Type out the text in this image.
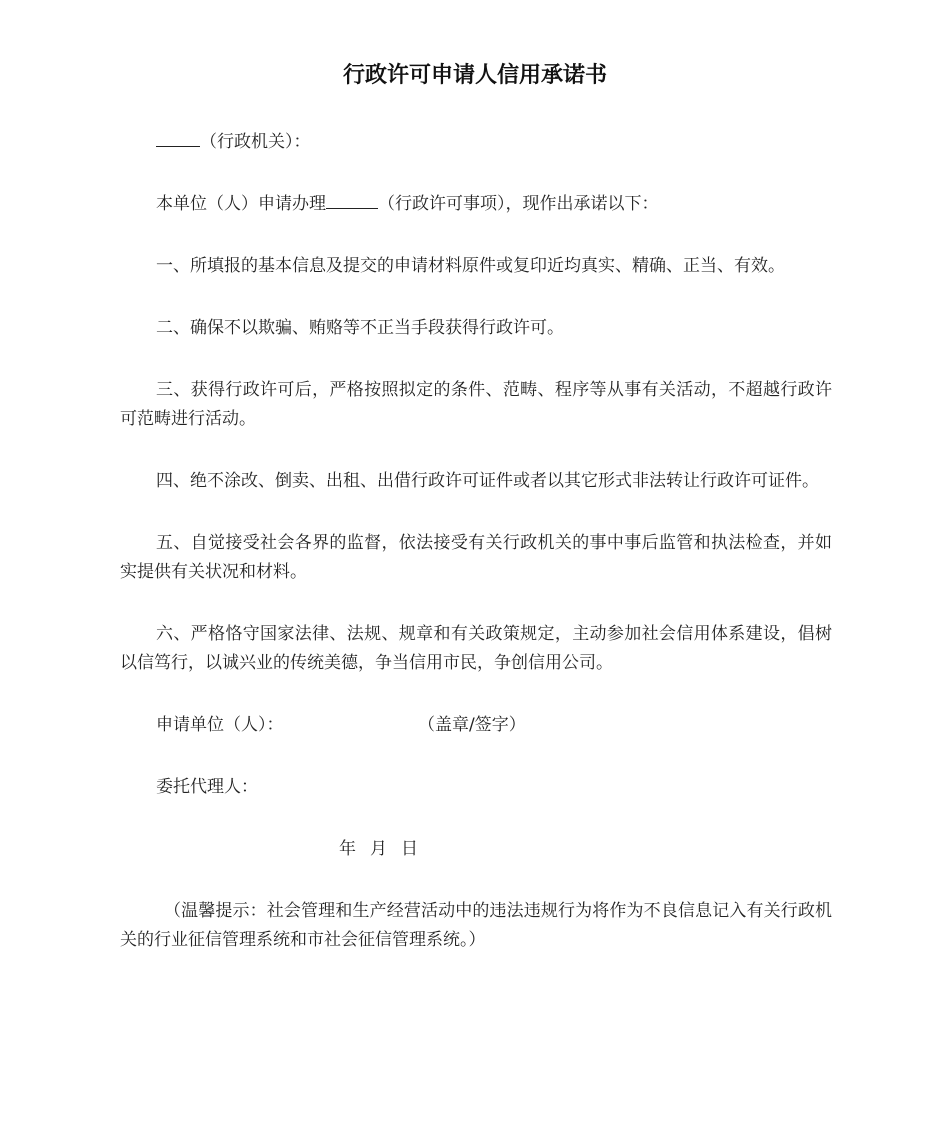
行政许可申请人信用承诺书

（行政机关）：

本单位（人）申请办理	（行政许可事项），现作出承诺以下：

一、所填报的基本信息及提交的申请材料原件或复印近均真实、精确、正当、有效。

二、确保不以欺骗、贿赂等不正当手段获得行政许可。

三、获得行政许可后，严格按照拟定的条件、范畴、程序等从事有关活动，不超越行政许可范畴进行活动。

四、绝不涂改、倒卖、出租、出借行政许可证件或者以其它形式非法转让行政许可证件。

五、自觉接受社会各界的监督，依法接受有关行政机关的事中事后监管和执法检查，并如实提供有关状况和材料。

六、严格恪守国家法律、法规、规章和有关政策规定，主动参加社会信用体系建设，倡树以信笃行，以诚兴业的传统美德，争当信用市民，争创信用公司。

申请单位（人）：	（盖章/签字）
委托代理人：
年 月 日

（温馨提示：社会管理和生产经营活动中的违法违规行为将作为不良信息记入有关行政机关的行业征信管理系统和市社会征信管理系统。）
